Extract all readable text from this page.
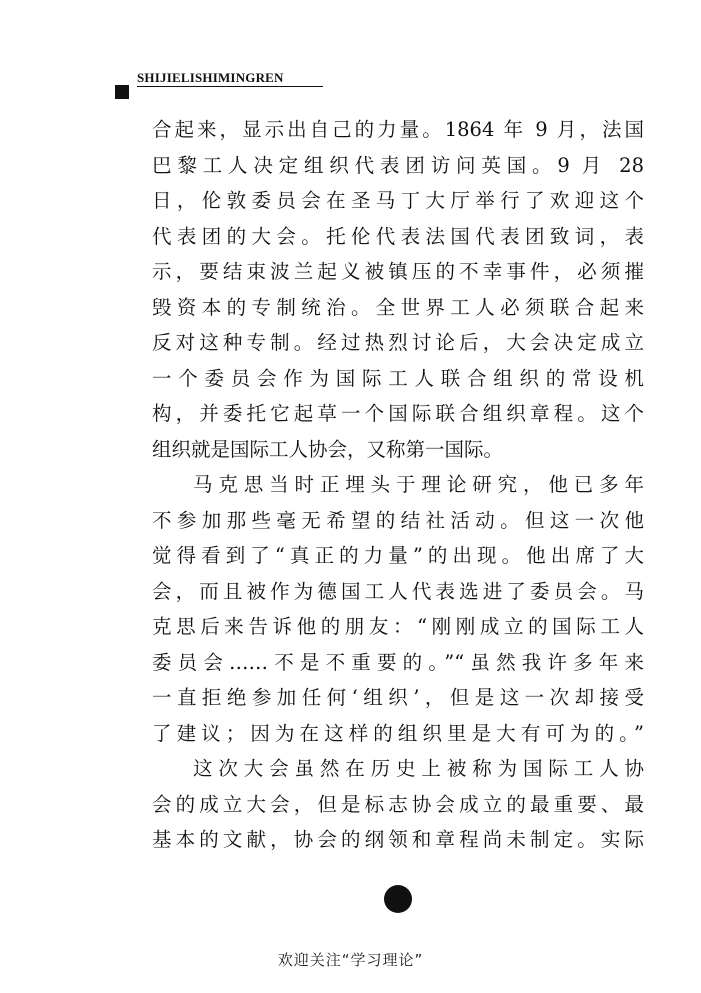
SHIJIELISHIMINGREN
合起来，显示出自己的力量。1864 年 9 月，法国
巴黎工人决定组织代表团访问英国。9 月 28
日，伦敦委员会在圣马丁大厅举行了欢迎这个
代表团的大会。托伦代表法国代表团致词，表
示，要结束波兰起义被镇压的不幸事件，必须摧
毁资本的专制统治。全世界工人必须联合起来
反对这种专制。经过热烈讨论后，大会决定成立
一个委员会作为国际工人联合组织的常设机
构，并委托它起草一个国际联合组织章程。这个
组织就是国际工人协会，又称第一国际。
马克思当时正埋头于理论研究，他已多年
不参加那些毫无希望的结社活动。但这一次他
觉得看到了“真正的力量”的出现。他出席了大
会，而且被作为德国工人代表选进了委员会。马
克思后来告诉他的朋友：“刚刚成立的国际工人
委员会……不是不重要的。”“虽然我许多年来
一直拒绝参加任何‘组织’，但是这一次却接受
了建议；因为在这样的组织里是大有可为的。”
这次大会虽然在历史上被称为国际工人协
会的成立大会，但是标志协会成立的最重要、最
基本的文献，协会的纲领和章程尚未制定。实际
欢迎关注“学习理论”
